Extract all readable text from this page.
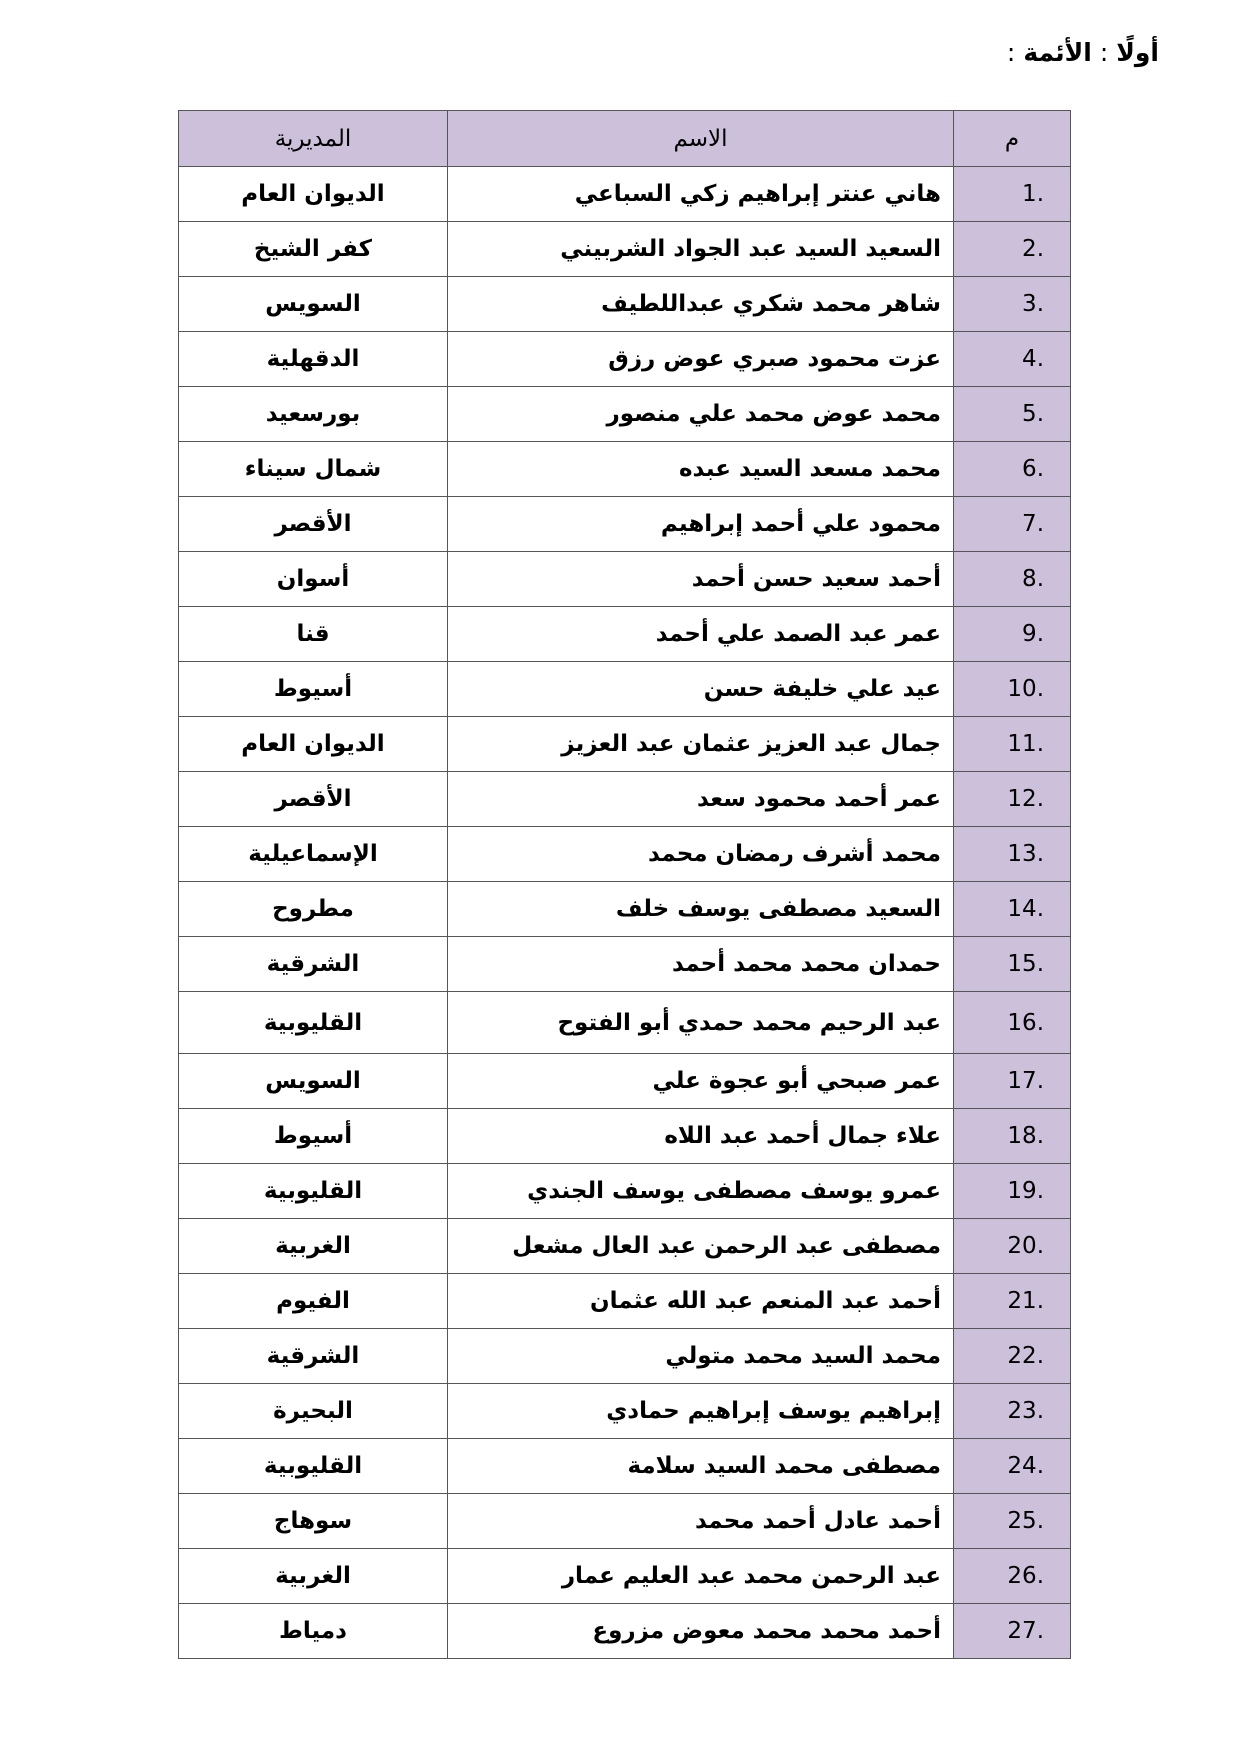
أولًا:الأئمة:
م	الاسم	المديرية
.1	هاني عنتر إبراهيم زكي السباعي	الديوان العام
.2	السعيد السيد عبد الجواد الشربيني	كفر الشيخ
.3	شاهر محمد شكري عبداللطيف	السويس
.4	عزت محمود صبري عوض رزق	الدقهلية
.5	محمد عوض محمد علي منصور	بورسعيد
.6	محمد مسعد السيد عبده	شمال سيناء
.7	محمود علي أحمد إبراهيم	الأقصر
.8	أحمد سعيد حسن أحمد	أسوان
.9	عمر عبد الصمد علي أحمد	قنا
.10	عيد علي خليفة حسن	أسيوط
.11	جمال عبد العزيز عثمان عبد العزيز	الديوان العام
.12	عمر أحمد محمود سعد	الأقصر
.13	محمد أشرف رمضان محمد	الإسماعيلية
.14	السعيد مصطفى يوسف خلف	مطروح
.15	حمدان محمد محمد أحمد	الشرقية
.16	عبد الرحيم محمد حمدي أبو الفتوح	القليوبية
.17	عمر صبحي أبو عجوة علي	السويس
.18	علاء جمال أحمد عبد اللاه	أسيوط
.19	عمرو يوسف مصطفى يوسف الجندي	القليوبية
.20	مصطفى عبد الرحمن عبد العال مشعل	الغربية
.21	أحمد عبد المنعم عبد الله عثمان	الفيوم
.22	محمد السيد محمد متولي	الشرقية
.23	إبراهيم يوسف إبراهيم حمادي	البحيرة
.24	مصطفى محمد السيد سلامة	القليوبية
.25	أحمد عادل أحمد محمد	سوهاج
.26	عبد الرحمن محمد عبد العليم عمار	الغربية
.27	أحمد محمد محمد معوض مزروع	دمياط
